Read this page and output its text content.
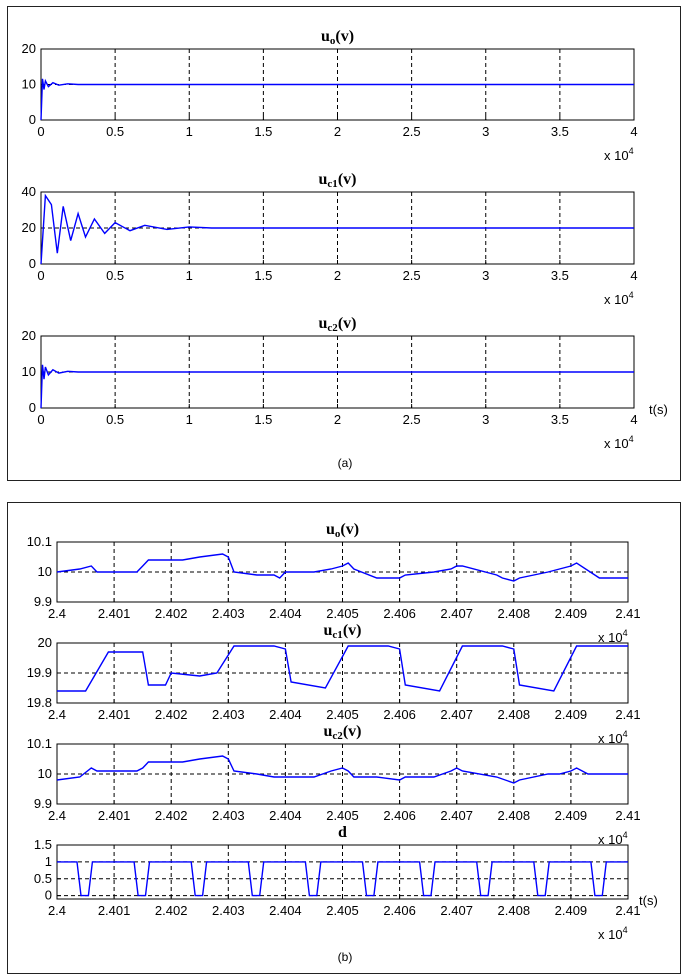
uo(v)
0	0.5	1	1.5	2	2.5	3	3.5	4
0
10
20
x $10^4$
uc1(v)
0	0.5	1	1.5	2	2.5	3	3.5	4
0
20
40
x $10^4$
uc2(v)
0	0.5	1	1.5	2	2.5	3	3.5	4
0
10
20
x $10^4$
t(s)
(a)
uo(v)
2.4 2.401 2.402 2.403 2.404 2.405 2.406 2.407 2.408 2.409 2.41
9.9
10
10.1
x $10^4$
uc1(v)
2.4 2.401 2.402 2.403 2.404 2.405 2.406 2.407 2.408 2.409 2.41
19.8
19.9
20
x $10^4$
uc2(v)
2.4 2.401 2.402 2.403 2.404 2.405 2.406 2.407 2.408 2.409 2.41
9.9
10
10.1
x $10^4$
d
2.4 2.401 2.402 2.403 2.404 2.405 2.406 2.407 2.408 2.409 2.41
0
0.5
1
1.5
x $10^4$
t(s)
(b)
